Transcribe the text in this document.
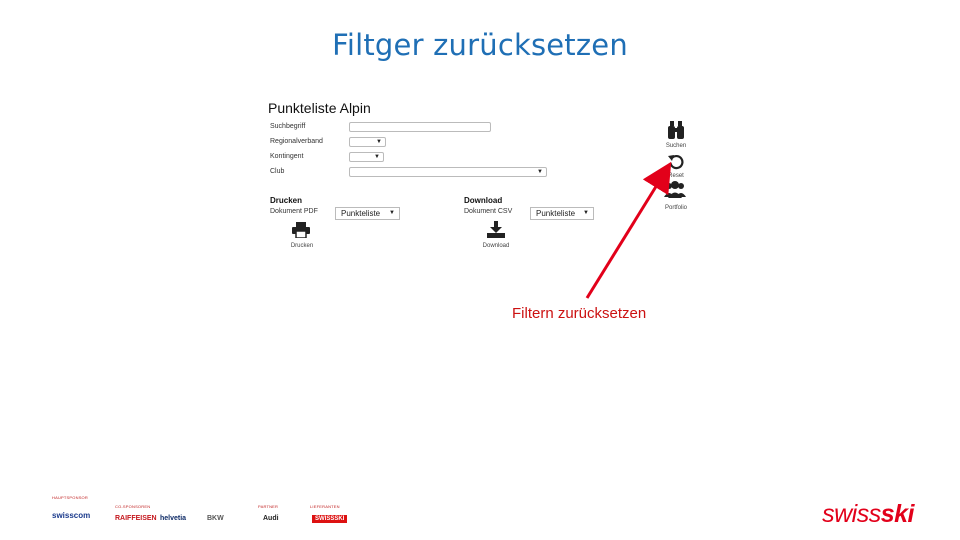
Filtger zurücksetzen
Punkteliste Alpin
Suchbegriff
Regionalverband	▼
Kontingent	▼
Club	▼
Drucken
Dokument PDF	Punkteliste ▼
Drucken
Download
Dokument CSV	Punkteliste ▼
Download
Suchen
Reset
Portfolio
Filtern zurücksetzen
HAUPTSPONSOR
swisscom
CO-SPONSOREN
RAIFFEISEN helvetia	BKW
PARTNER
Audi
LIEFERANTEN
SWISSSKI	swissski
